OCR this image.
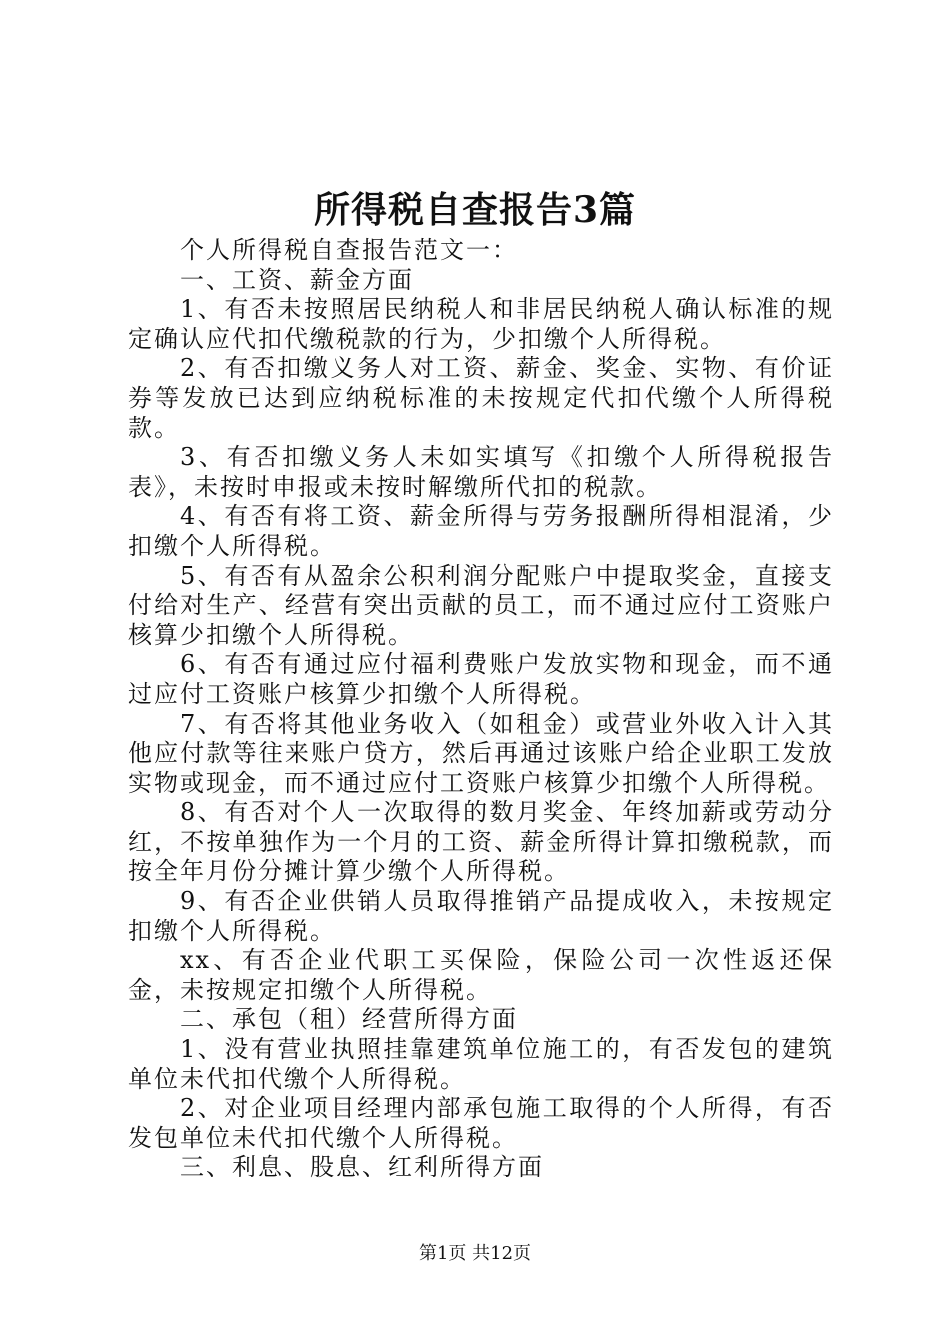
所得税自查报告3篇

个人所得税自查报告范文一：

一、工资、薪金方面

1、有否未按照居民纳税人和非居民纳税人确认标准的规定确认应代扣代缴税款的行为，少扣缴个人所得税。

2、有否扣缴义务人对工资、薪金、奖金、实物、有价证券等发放已达到应纳税标准的未按规定代扣代缴个人所得税款。

3、有否扣缴义务人未如实填写《扣缴个人所得税报告表》，未按时申报或未按时解缴所代扣的税款。

4、有否有将工资、薪金所得与劳务报酬所得相混淆，少扣缴个人所得税。

5、有否有从盈余公积利润分配账户中提取奖金，直接支付给对生产、经营有突出贡献的员工，而不通过应付工资账户核算少扣缴个人所得税。

6、有否有通过应付福利费账户发放实物和现金，而不通过应付工资账户核算少扣缴个人所得税。

7、有否将其他业务收入（如租金）或营业外收入计入其他应付款等往来账户贷方，然后再通过该账户给企业职工发放实物或现金，而不通过应付工资账户核算少扣缴个人所得税。

8、有否对个人一次取得的数月奖金、年终加薪或劳动分红，不按单独作为一个月的工资、薪金所得计算扣缴税款，而按全年月份分摊计算少缴个人所得税。

9、有否企业供销人员取得推销产品提成收入，未按规定扣缴个人所得税。

xx、有否企业代职工买保险，保险公司一次性返还保金，未按规定扣缴个人所得税。

二、承包（租）经营所得方面

1、没有营业执照挂靠建筑单位施工的，有否发包的建筑单位未代扣代缴个人所得税。

2、对企业项目经理内部承包施工取得的个人所得，有否发包单位未代扣代缴个人所得税。

三、利息、股息、红利所得方面

第1页 共12页
